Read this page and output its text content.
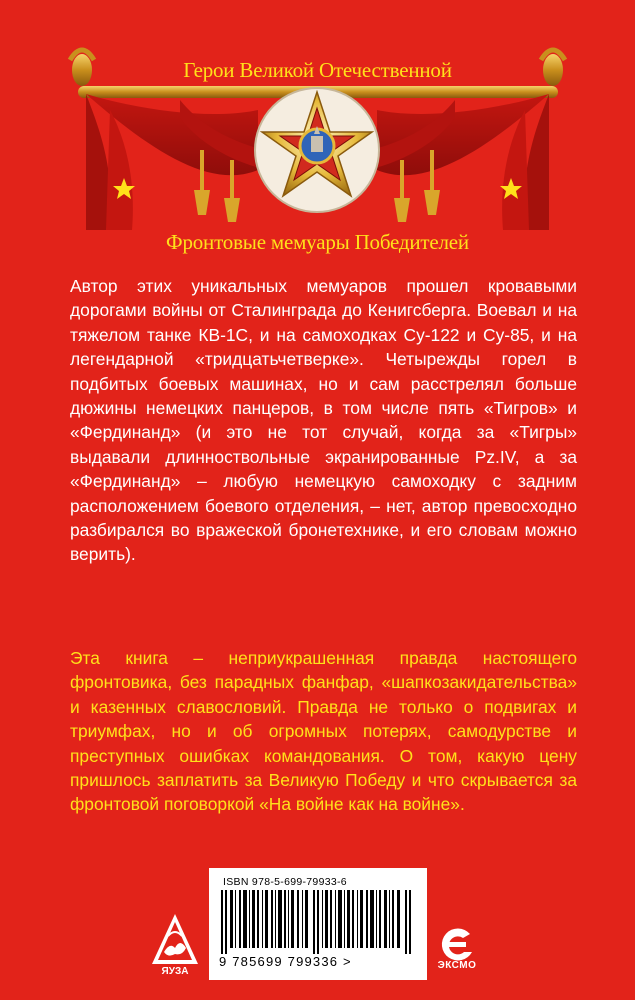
Герои Великой Отечественной
Фронтовые мемуары Победителей

Автор этих уникальных мемуаров прошел кровавыми дорогами войны от Сталинграда до Кенигсберга. Воевал и на тяжелом танке КВ-1С, и на самоходках Су-122 и Су-85, и на легендарной «тридцатьчетверке». Четырежды горел в подбитых боевых машинах, но и сам расстрелял больше дюжины немецких панцеров, в том числе пять «Тигров» и «Фердинанд» (и это не тот случай, когда за «Тигры» выдавали длинноствольные экранированные Pz.IV, а за «Фердинанд» – любую немецкую самоходку с задним расположением боевого отделения, – нет, автор превосходно разбирался во вражеской бронетехнике, и его словам можно верить).

Эта книга – неприукрашенная правда настоящего фронтовика, без парадных фанфар, «шапкозакидательства» и казенных славословий. Правда не только о подвигах и триумфах, но и об огромных потерях, самодурстве и преступных ошибках командования. О том, какую цену пришлось заплатить за Великую Победу и что скрывается за фронтовой поговоркой «На войне как на войне».

ЯУЗА
ISBN 978-5-699-79933-6
9 785699 799336 >	ЭКСМО
